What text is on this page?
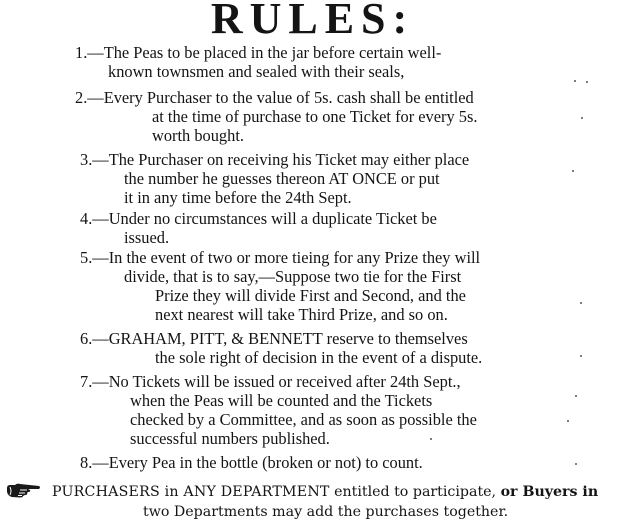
RULES:
1.—The Peas to be placed in the jar before certain well-
known townsmen and sealed with their seals,
2.—Every Purchaser to the value of 5s. cash shall be entitled
at the time of purchase to one Ticket for every 5s.
worth bought.
3.—The Purchaser on receiving his Ticket may either place
the number he guesses thereon AT ONCE or put
it in any time before the 24th Sept.
4.—Under no circumstances will a duplicate Ticket be
issued.
5.—In the event of two or more tieing for any Prize they will
divide, that is to say,—Suppose two tie for the First
Prize they will divide First and Second, and the
next nearest will take Third Prize, and so on.
6.—GRAHAM, PITT, & BENNETT reserve to themselves
the sole right of decision in the event of a dispute.
7.—No Tickets will be issued or received after 24th Sept.,
when the Peas will be counted and the Tickets
checked by a Committee, and as soon as possible the
successful numbers published.
8.—Every Pea in the bottle (broken or not) to count.
PURCHASERS in ANY DEPARTMENT entitled to participate, or Buyers in
two Departments may add the purchases together.
